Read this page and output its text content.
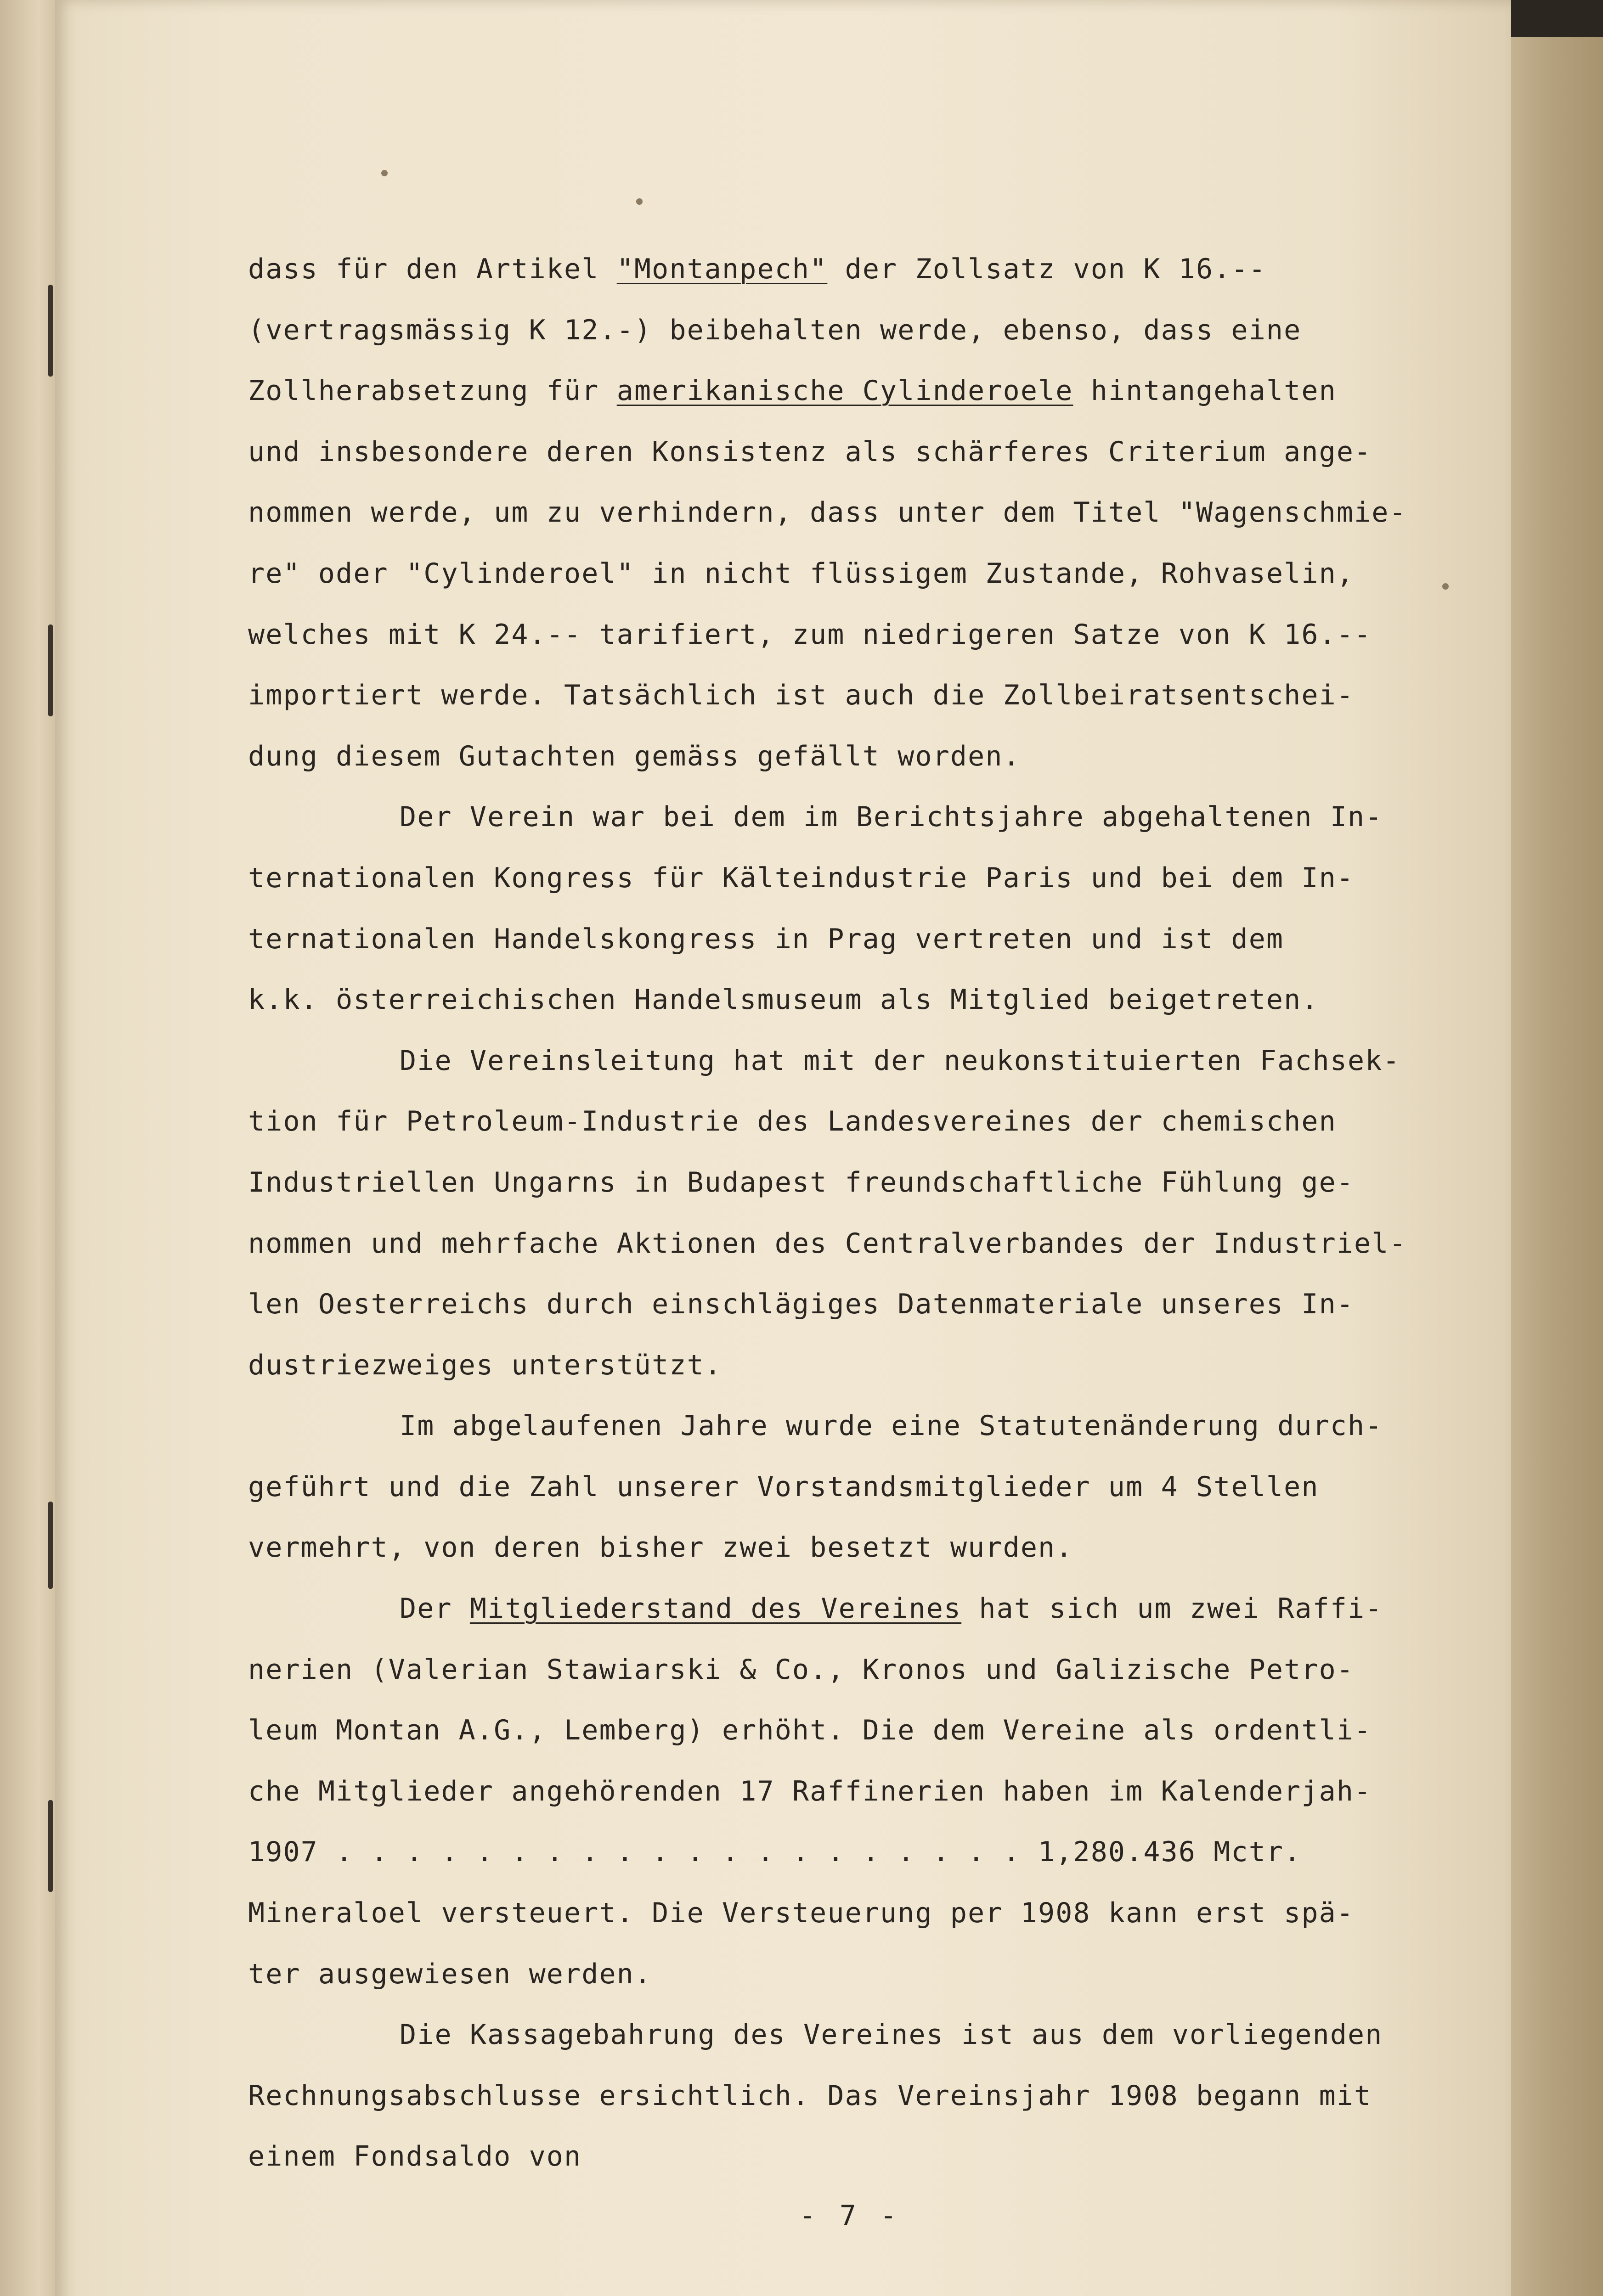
dass für den Artikel "Montanpech" der Zollsatz von K 16.--
(vertragsmässig K 12.-) beibehalten werde, ebenso, dass eine
Zollherabsetzung für amerikanische Cylinderoele hintangehalten
und insbesondere deren Konsistenz als schärferes Criterium ange-
nommen werde, um zu verhindern, dass unter dem Titel "Wagenschmie-
re" oder "Cylinderoel" in nicht flüssigem Zustande, Rohvaselin,
welches mit K 24.-- tarifiert, zum niedrigeren Satze von K 16.--
importiert werde. Tatsächlich ist auch die Zollbeiratsentschei-
dung diesem Gutachten gemäss gefällt worden.
Der Verein war bei dem im Berichtsjahre abgehaltenen In-
ternationalen Kongress für Kälteindustrie Paris und bei dem In-
ternationalen Handelskongress in Prag vertreten und ist dem
k.k. österreichischen Handelsmuseum als Mitglied beigetreten.
Die Vereinsleitung hat mit der neukonstituierten Fachsek-
tion für Petroleum-Industrie des Landesvereines der chemischen
Industriellen Ungarns in Budapest freundschaftliche Fühlung ge-
nommen und mehrfache Aktionen des Centralverbandes der Industriel-
len Oesterreichs durch einschlägiges Datenmateriale unseres In-
dustriezweiges unterstützt.
Im abgelaufenen Jahre wurde eine Statutenänderung durch-
geführt und die Zahl unserer Vorstandsmitglieder um 4 Stellen
vermehrt, von deren bisher zwei besetzt wurden.
Der Mitgliederstand des Vereines hat sich um zwei Raffi-
nerien (Valerian Stawiarski & Co., Kronos und Galizische Petro-
leum Montan A.G., Lemberg) erhöht. Die dem Vereine als ordentli-
che Mitglieder angehörenden 17 Raffinerien haben im Kalenderjah-
1907 . . . . . . . . . . . . . . . . . . . . 1,280.436 Mctr.
Mineraloel versteuert. Die Versteuerung per 1908 kann erst spä-
ter ausgewiesen werden.
Die Kassagebahrung des Vereines ist aus dem vorliegenden
Rechnungsabschlusse ersichtlich. Das Vereinsjahr 1908 begann mit
einem Fondsaldo von
- 7 -
